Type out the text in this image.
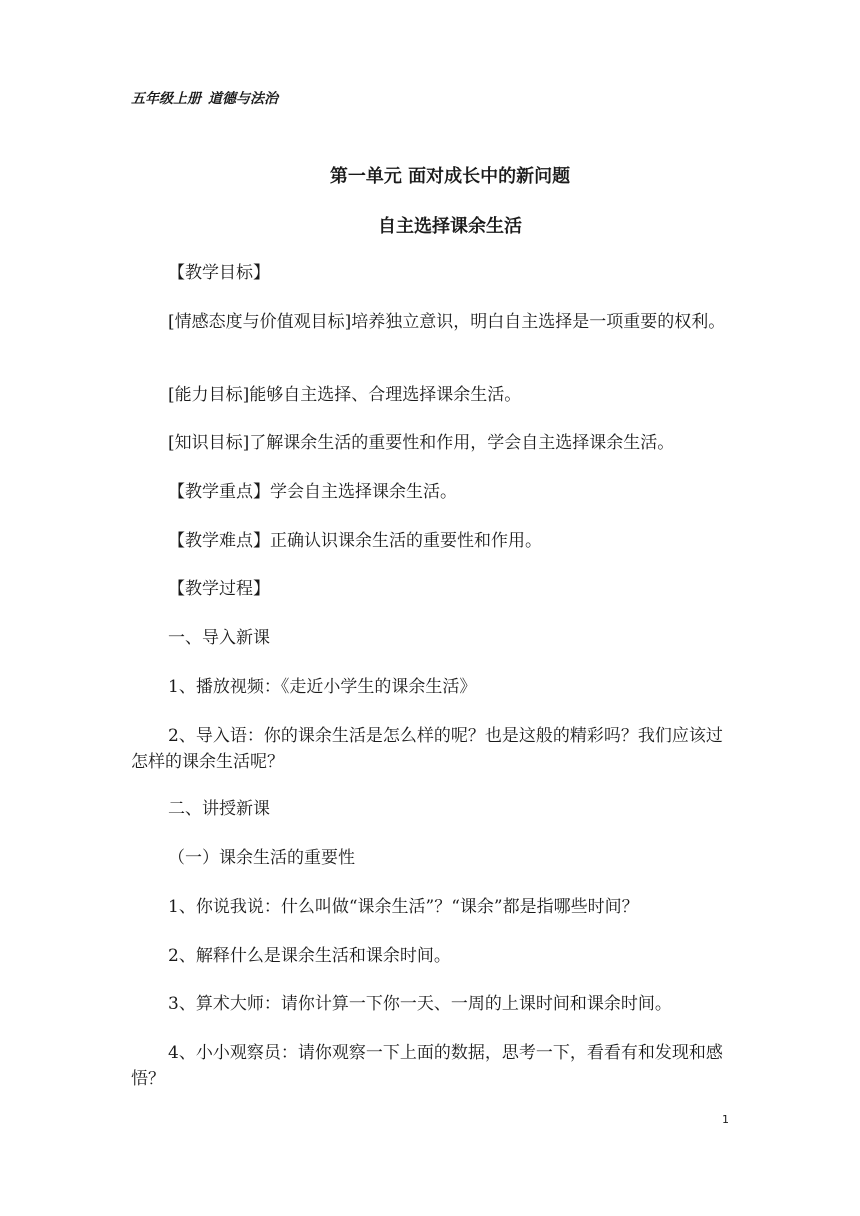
五年级上册 道德与法治
第一单元 面对成长中的新问题
自主选择课余生活
【教学目标】
[情感态度与价值观目标]培养独立意识，明白自主选择是一项重要的权利。
[能力目标]能够自主选择、合理选择课余生活。
[知识目标]了解课余生活的重要性和作用，学会自主选择课余生活。
【教学重点】学会自主选择课余生活。
【教学难点】正确认识课余生活的重要性和作用。
【教学过程】
一、导入新课
1、播放视频：《走近小学生的课余生活》
2、导入语：你的课余生活是怎么样的呢？也是这般的精彩吗？我们应该过怎样的课余生活呢？
二、讲授新课
（一）课余生活的重要性
1、你说我说：什么叫做“课余生活”？“课余”都是指哪些时间？
2、解释什么是课余生活和课余时间。
3、算术大师：请你计算一下你一天、一周的上课时间和课余时间。
4、小小观察员：请你观察一下上面的数据，思考一下，看看有和发现和感悟？
1
